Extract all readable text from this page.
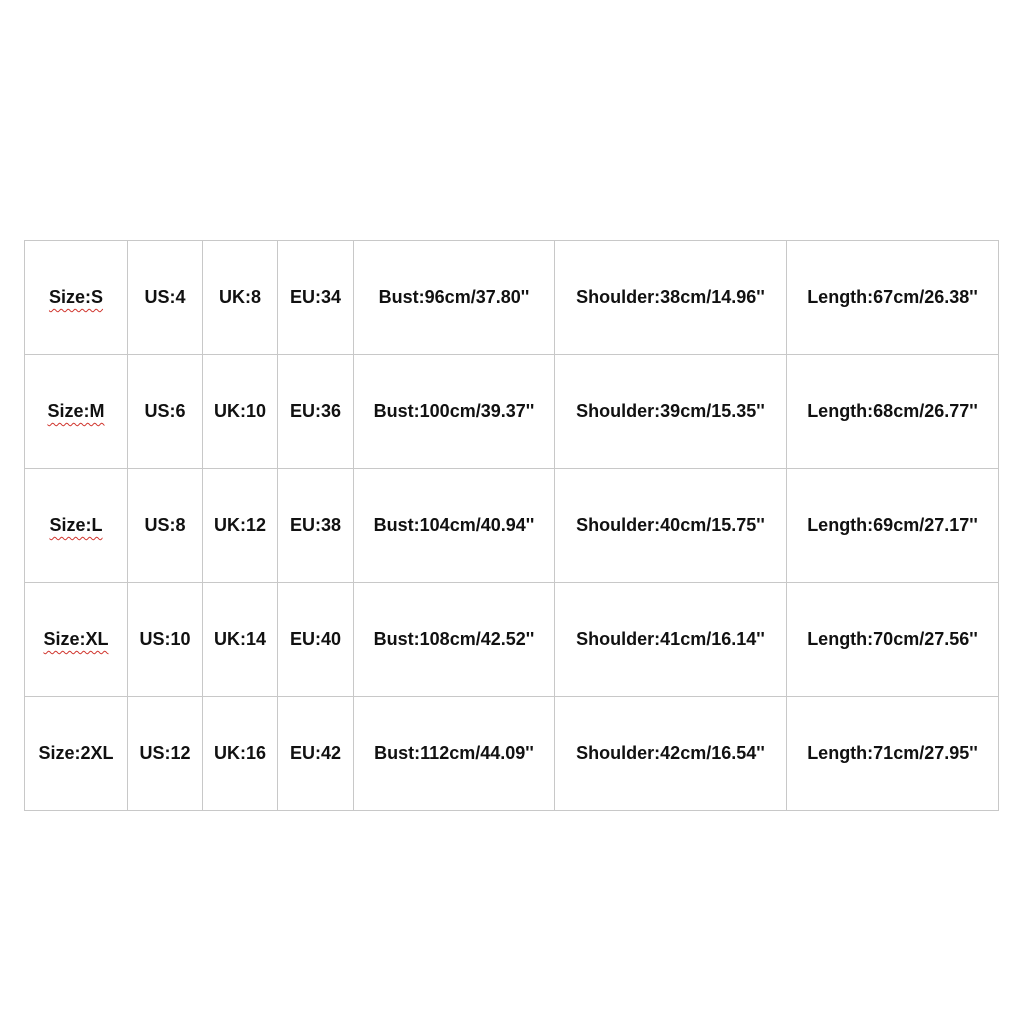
Size:S	US:4	UK:8	EU:34	Bust:96cm/37.80''	Shoulder:38cm/14.96''	Length:67cm/26.38''
Size:M	US:6	UK:10	EU:36	Bust:100cm/39.37''	Shoulder:39cm/15.35''	Length:68cm/26.77''
Size:L	US:8	UK:12	EU:38	Bust:104cm/40.94''	Shoulder:40cm/15.75''	Length:69cm/27.17''
Size:XL	US:10	UK:14	EU:40	Bust:108cm/42.52''	Shoulder:41cm/16.14''	Length:70cm/27.56''
Size:2XL	US:12	UK:16	EU:42	Bust:112cm/44.09''	Shoulder:42cm/16.54''	Length:71cm/27.95''
